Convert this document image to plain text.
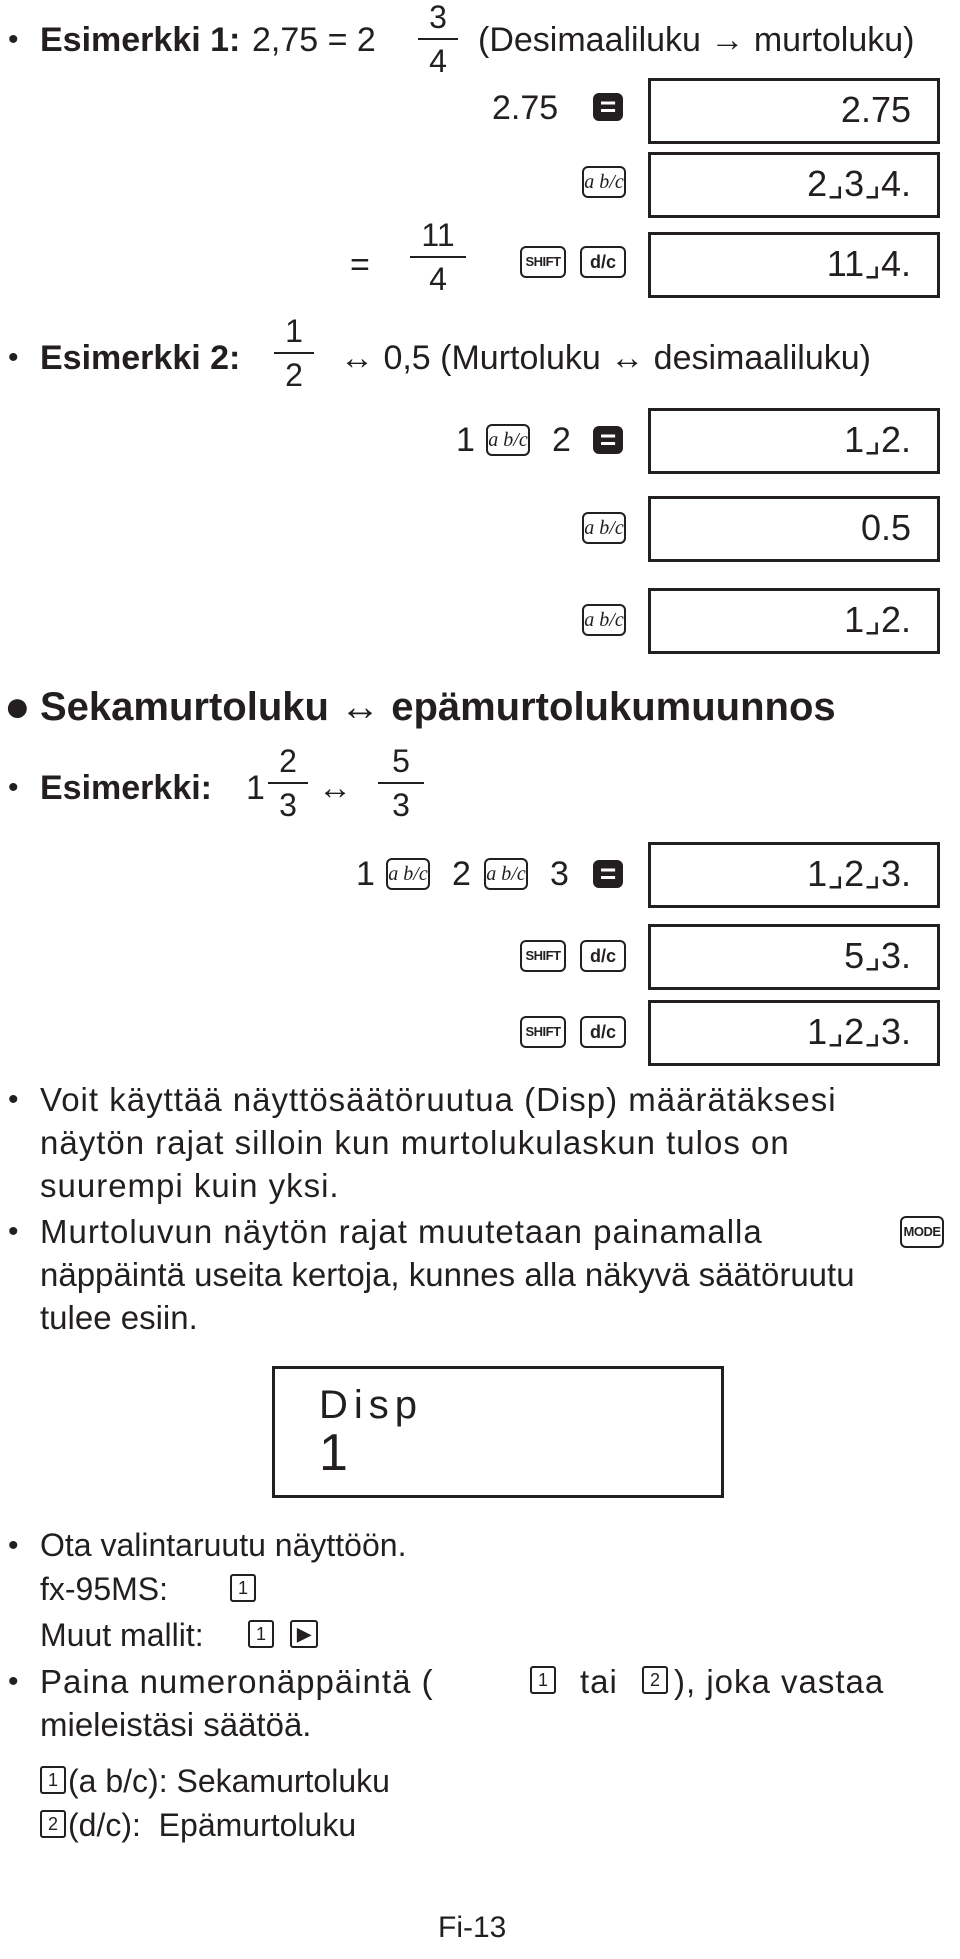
• Esimerkki 1: 2,75 = 2
3
4
(Desimaaliluku → murtoluku)
2.75 =	2.75
a b/c	2⌟3⌟4.
=
11
4	SHIFT	d/c	11⌟4.
• Esimerkki 2:
1
2	↔ 0,5 (Murtoluku ↔ desimaaliluku)
1 a b/c 2 =	1⌟2.
a b/c	0.5
a b/c	1⌟2.
● Sekamurtoluku ↔ epämurtolukumuunnos
• Esimerkki: 1
2
3 ↔
5
3
1 a b/c 2 a b/c 3 =	1⌟2⌟3.
SHIFT	d/c	5⌟3.
SHIFT	d/c	1⌟2⌟3.
• Voit käyttää näyttösäätöruutua (Disp) määrätäksesi näytön rajat silloin kun murtolukulaskun tulos on suurempi kuin yksi.
• Murtoluvun näytön rajat muutetaan painamalla	MODE
näppäintä useita kertoja, kunnes alla näkyvä säätöruutu tulee esiin.
Disp
1
• Ota valintaruutu näyttöön.
fx-95MS:	1
Muut mallit:	1	▶
• Paina numeronäppäintä (	1 tai	2 ), joka vastaa
mieleistäsi säätöä.
1 (a b/c): Sekamurtoluku
2 (d/c):  Epämurtoluku
Fi-13
